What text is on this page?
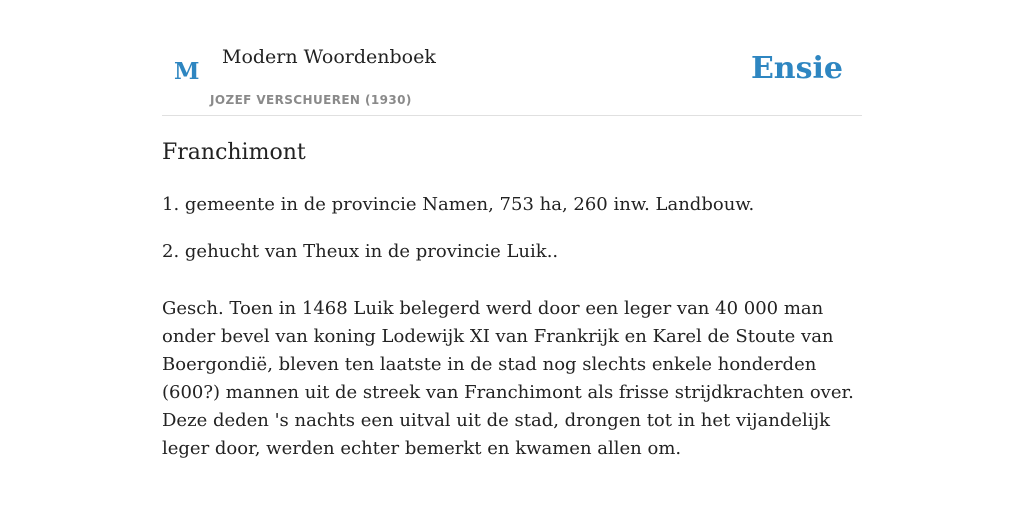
M
Modern Woordenboek
JOZEF VERSCHUEREN (1930)
Ensie
Franchimont

1. gemeente in de provincie Namen, 753 ha, 260 inw. Landbouw.

2. gehucht van Theux in de provincie Luik..

Gesch. Toen in 1468 Luik belegerd werd door een leger van 40 000 man onder bevel van koning Lodewijk XI van Frankrijk en Karel de Stoute van Boergondië, bleven ten laatste in de stad nog slechts enkele honderden (600?) mannen uit de streek van Franchimont als frisse strijdkrachten over. Deze deden 's nachts een uitval uit de stad, drongen tot in het vijandelijk leger door, werden echter bemerkt en kwamen allen om.
